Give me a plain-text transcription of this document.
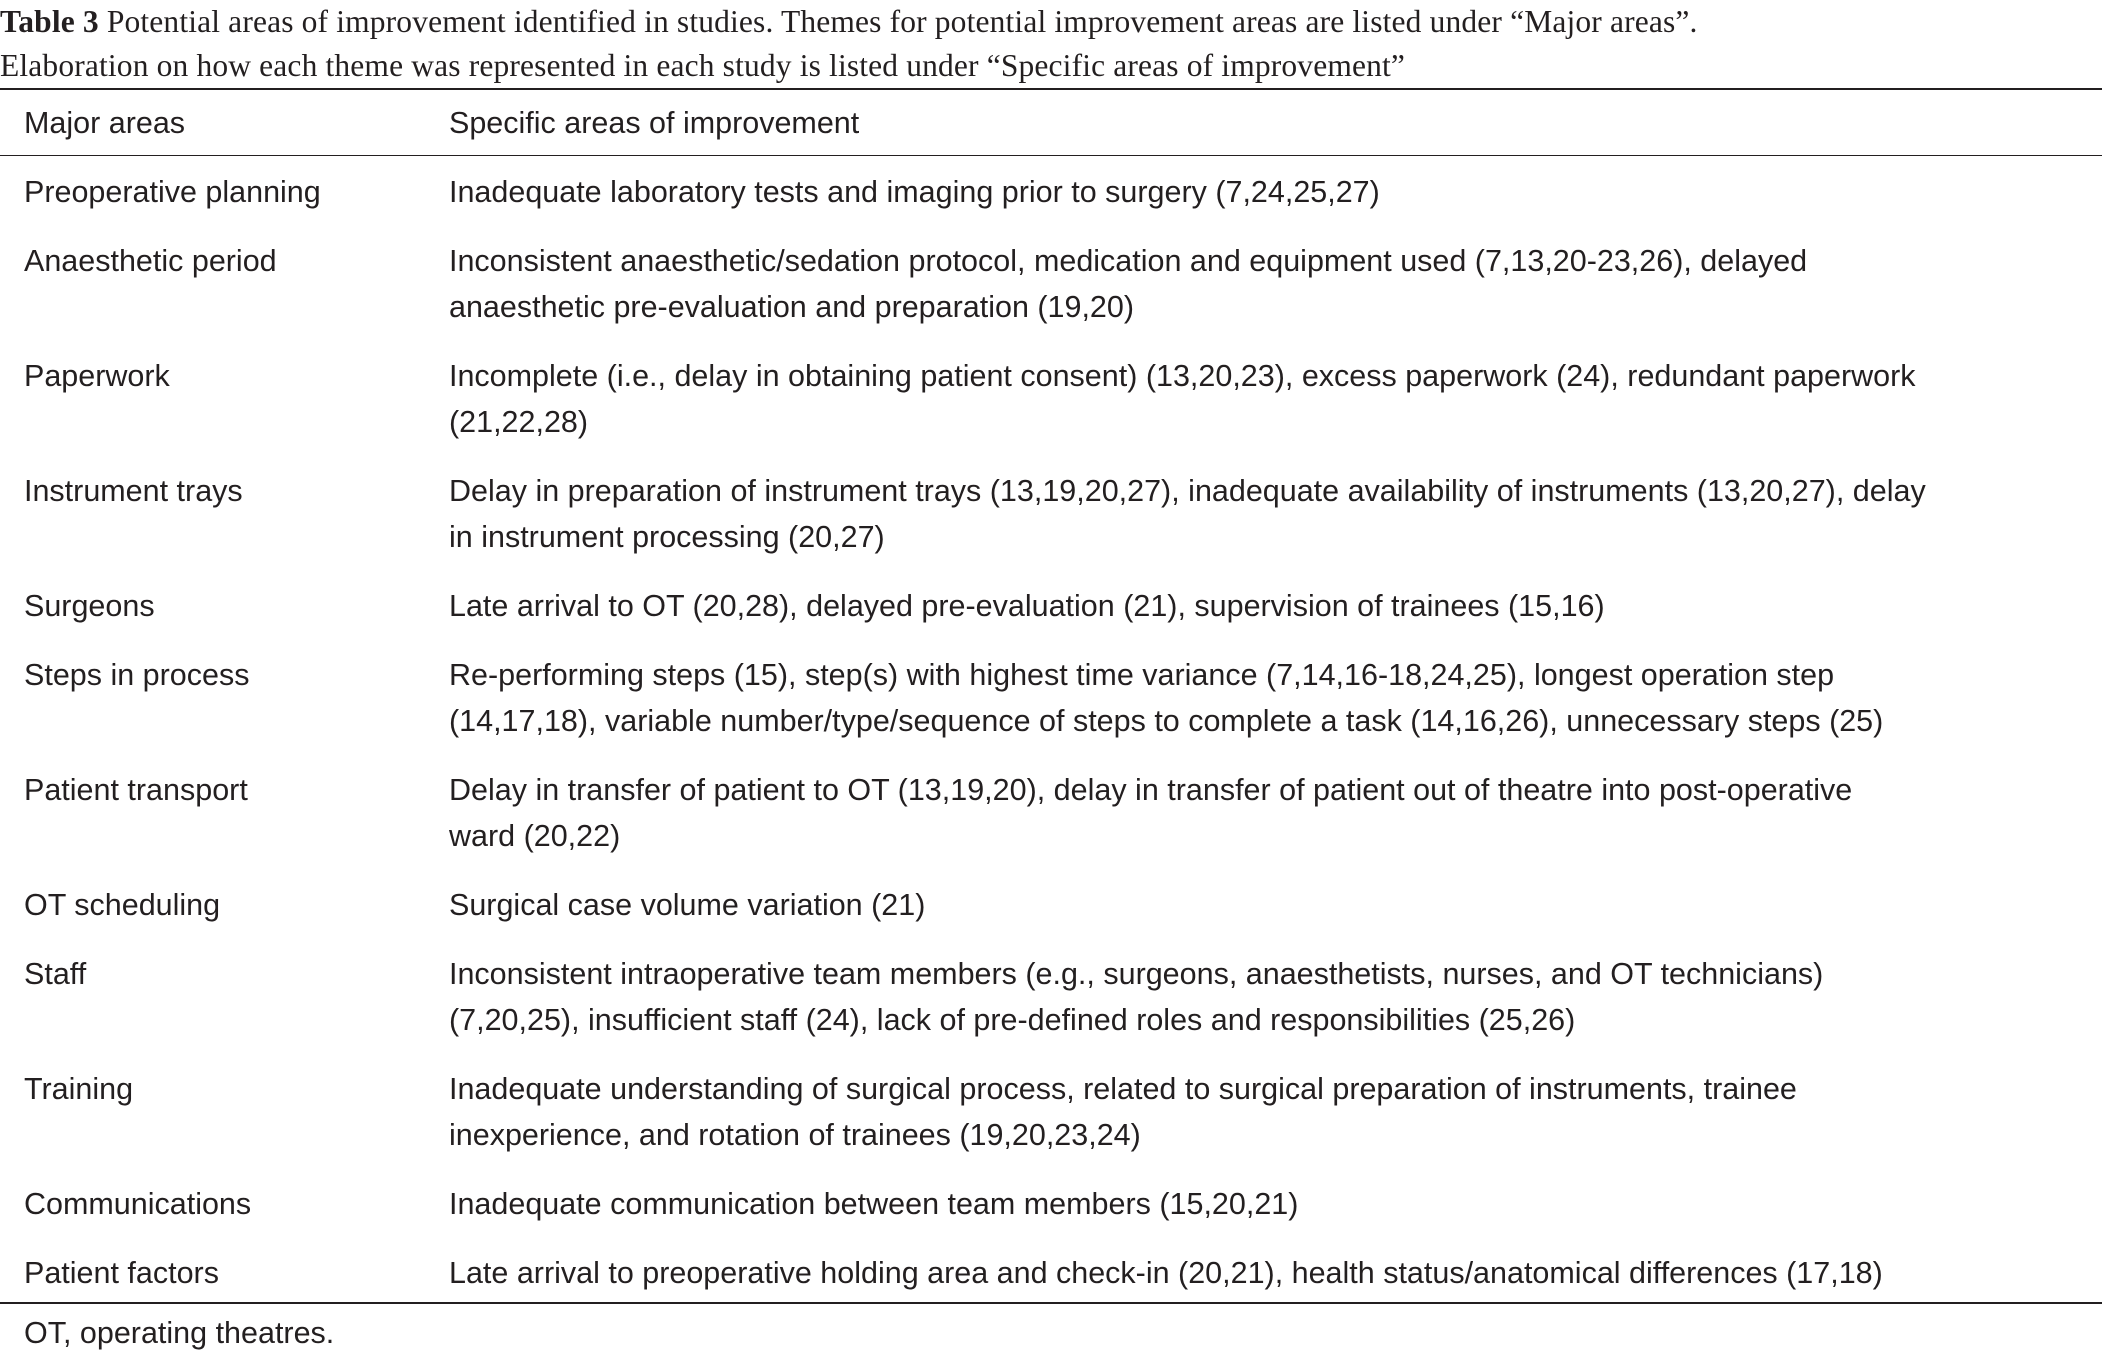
Table 3 Potential areas of improvement identified in studies. Themes for potential improvement areas are listed under “Major areas”.
Elaboration on how each theme was represented in each study is listed under “Specific areas of improvement”
Major areas	Specific areas of improvement
Preoperative planning	Inadequate laboratory tests and imaging prior to surgery (7,24,25,27)
Anaesthetic period	Inconsistent anaesthetic/sedation protocol, medication and equipment used (7,13,20-23,26), delayed
anaesthetic pre-evaluation and preparation (19,20)
Paperwork	Incomplete (i.e., delay in obtaining patient consent) (13,20,23), excess paperwork (24), redundant paperwork
(21,22,28)
Instrument trays	Delay in preparation of instrument trays (13,19,20,27), inadequate availability of instruments (13,20,27), delay
in instrument processing (20,27)
Surgeons	Late arrival to OT (20,28), delayed pre-evaluation (21), supervision of trainees (15,16)
Steps in process	Re-performing steps (15), step(s) with highest time variance (7,14,16-18,24,25), longest operation step
(14,17,18), variable number/type/sequence of steps to complete a task (14,16,26), unnecessary steps (25)
Patient transport	Delay in transfer of patient to OT (13,19,20), delay in transfer of patient out of theatre into post-operative
ward (20,22)
OT scheduling	Surgical case volume variation (21)
Staff	Inconsistent intraoperative team members (e.g., surgeons, anaesthetists, nurses, and OT technicians)
(7,20,25), insufficient staff (24), lack of pre-defined roles and responsibilities (25,26)
Training	Inadequate understanding of surgical process, related to surgical preparation of instruments, trainee
inexperience, and rotation of trainees (19,20,23,24)
Communications	Inadequate communication between team members (15,20,21)
Patient factors	Late arrival to preoperative holding area and check-in (20,21), health status/anatomical differences (17,18)
OT, operating theatres.
